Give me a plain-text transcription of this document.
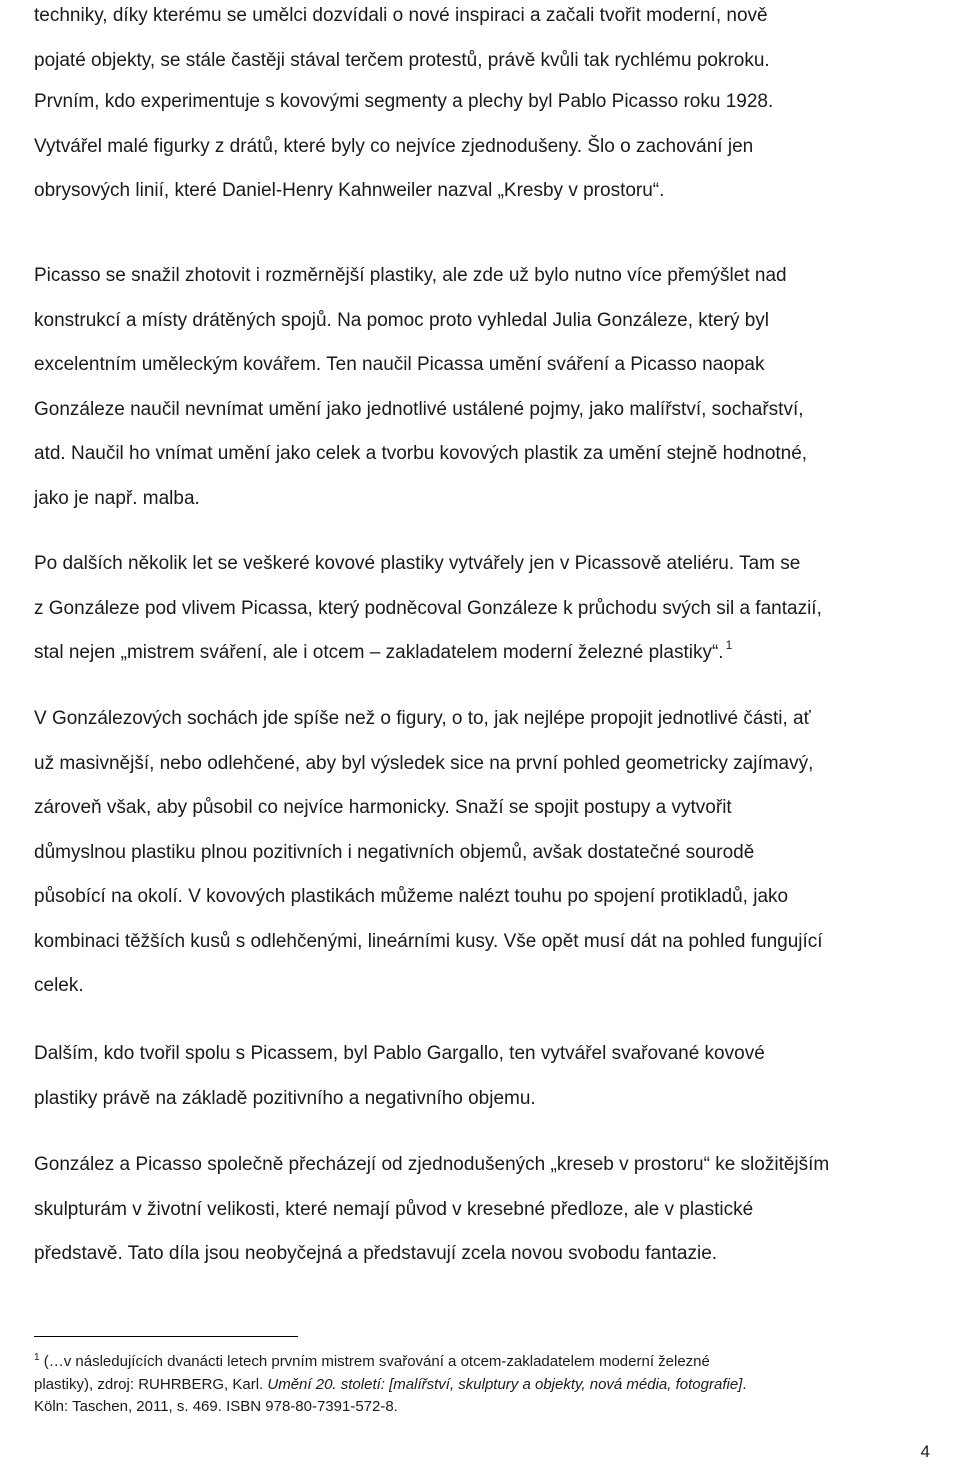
techniky, díky kterému se umělci dozvídali o nové inspiraci a začali tvořit moderní, nově
pojaté objekty, se stále častěji stával terčem protestů, právě kvůli tak rychlému pokroku.

Prvním, kdo experimentuje s kovovými segmenty a plechy byl Pablo Picasso roku 1928.
Vytvářel malé figurky z drátů, které byly co nejvíce zjednodušeny. Šlo o zachování jen
obrysových linií, které Daniel-Henry Kahnweiler nazval „Kresby v prostoru“.

Picasso se snažil zhotovit i rozměrnější plastiky, ale zde už bylo nutno více přemýšlet nad
konstrukcí a místy drátěných spojů. Na pomoc proto vyhledal Julia Gonzáleze, který byl
excelentním uměleckým kovářem. Ten naučil Picassa umění sváření a Picasso naopak
Gonzáleze naučil nevnímat umění jako jednotlivé ustálené pojmy, jako malířství, sochařství,
atd. Naučil ho vnímat umění jako celek a tvorbu kovových plastik za umění stejně hodnotné,
jako je např. malba.

Po dalších několik let se veškeré kovové plastiky vytvářely jen v Picassově ateliéru. Tam se
z Gonzáleze pod vlivem Picassa, který podněcoval Gonzáleze k průchodu svých sil a fantazií,
stal nejen „mistrem sváření, ale i otcem – zakladatelem moderní železné plastiky“. $^1$

V Gonzálezových sochách jde spíše než o figury, o to, jak nejlépe propojit jednotlivé části, ať
už masivnější, nebo odlehčené, aby byl výsledek sice na první pohled geometricky zajímavý,
zároveň však, aby působil co nejvíce harmonicky. Snaží se spojit postupy a vytvořit
důmyslnou plastiku plnou pozitivních i negativních objemů, avšak dostatečné sourodě
působící na okolí. V kovových plastikách můžeme nalézt touhu po spojení protikladů, jako
kombinaci těžších kusů s odlehčenými, lineárními kusy. Vše opět musí dát na pohled fungující
celek.

Dalším, kdo tvořil spolu s Picassem, byl Pablo Gargallo, ten vytvářel svařované kovové
plastiky právě na základě pozitivního a negativního objemu.

González a Picasso společně přecházejí od zjednodušených „kreseb v prostoru“ ke složitějším
skulpturám v životní velikosti, které nemají původ v kresebné předloze, ale v plastické
představě. Tato díla jsou neobyčejná a představují zcela novou svobodu fantazie.

$^1$ (…v následujících dvanácti letech prvním mistrem svařování a otcem-zakladatelem moderní železné
plastiky), zdroj: RUHRBERG, Karl. Umění 20. století: [malířství, skulptury a objekty, nová média, fotografie].
Köln: Taschen, 2011, s. 469. ISBN 978-80-7391-572-8.
4
